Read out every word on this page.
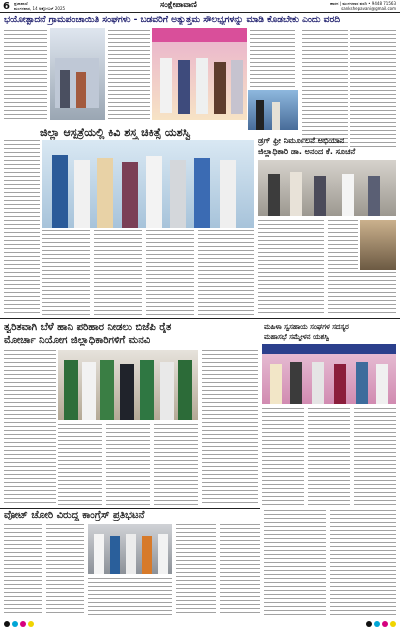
6 ಪ್ರಜಾವಾಣಿ
ಮಂಗಳವಾರ, 14 ಅಕ್ಟೋಬರ್ 2025	ಸಂಕ್ಷೇಪಾವಾಣಿ	ಹಾಸನ | ಮಂಗಳವಾರ ವರದಿ • 9448 71563
sankshepavani@gmail.com
ಭಯೋತ್ಪಾದನೆ ಗ್ರಾಮಪಂಚಾಯಿತಿ ಸಂಘಗಳು - ಬಡವರಿಗೆ ಅತ್ಯುತ್ತಮ ಸೌಲಭ್ಯಗಳನ್ನು ಮಾಡಿ ಕೊಡಬೇಕು ಎಂದು ವರದಿ
ಜಿಲ್ಲಾ ಆಸ್ಪತ್ರೆಯಲ್ಲಿ ಕಿವಿ ಶಸ್ತ್ರ ಚಿಕಿತ್ಸೆ ಯಶಸ್ವಿ
ಡ್ರಗ್ ಫ್ರೀ ನಿರ್ಮೂಲನೆ ಅಭಿಯಾನ
ಜಿಲ್ಲಾಧಿಕಾರಿ ಡಾ. ಅನಂದ ಕೆ. ಸೂಚನೆ
ತ್ವರಿತವಾಗಿ ಬೆಳೆ ಹಾನಿ ಪರಿಹಾರ ನೀಡಲು ಬಿಜೆಪಿ ರೈತ
ಮೋರ್ಚಾ ನಿಯೋಗ ಜಿಲ್ಲಾಧಿಕಾರಿಗಳಿಗೆ ಮನವಿ
ಮಹಿಳಾ ಸ್ವಸಹಾಯ ಸಂಘಗಳ ಸದಸ್ಯರ
ಮಹಾಸಭೆ ಸಮ್ಮೇಳನ ಯಶಸ್ವಿ
ವೋಟ್ ಚೋರಿ ವಿರುದ್ಧ ಕಾಂಗ್ರೆಸ್ ಪ್ರತಿಭಟನೆ
